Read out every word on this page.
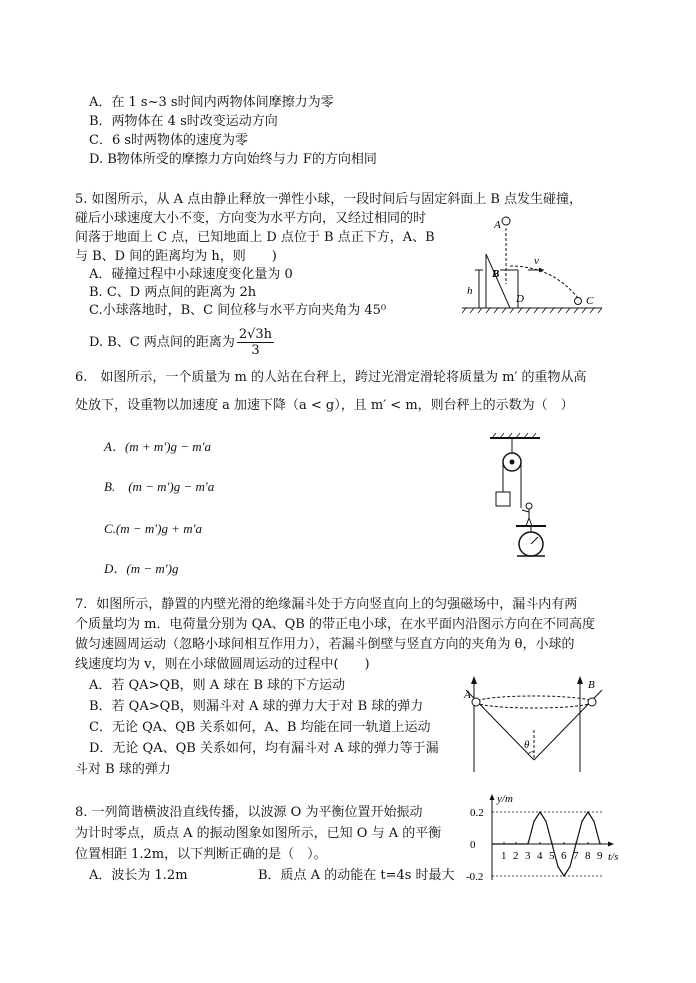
A．在 1 s~3 s时间内两物体间摩擦力为零
B．两物体在 4 s时改变运动方向
C．6 s时两物体的速度为零
D. B物体所受的摩擦力方向始终与力 F的方向相同
5. 如图所示，从 A 点由静止释放一弹性小球，一段时间后与固定斜面上 B 点发生碰撞，
碰后小球速度大小不变，方向变为水平方向，又经过相同的时
间落于地面上 C 点，已知地面上 D 点位于 B 点正下方，A、B
与 B、D 间的距离均为 h，则　　)
A．碰撞过程中小球速度变化量为 0
B. C、D 两点间的距离为 2h
C.小球落地时，B、C 间位移与水平方向夹角为 45⁰
D. B、C 两点间的距离为 $\frac{2√3h}{3}$
A
B
v
C
h
D
6.　如图所示，一个质量为 m 的人站在台秤上，跨过光滑定滑轮将质量为 m′ 的重物从高
处放下，设重物以加速度 a 加速下降（a < g），且 m′ < m，则台秤上的示数为（　）
A．(m + m′)g − m′a
B.　(m − m′)g − m′a
C.(m − m′)g + m′a
D．(m − m′)g
7．如图所示，静置的内壁光滑的绝缘漏斗处于方向竖直向上的匀强磁场中，漏斗内有两
个质量均为 m．电荷量分别为 QA、QB 的带正电小球，在水平面内沿图示方向在不同高度
做匀速圆周运动（忽略小球间相互作用力），若漏斗倒壁与竖直方向的夹角为 θ，小球的
线速度均为 v，则在小球做圆周运动的过程中(　　)
A．若 QA>QB，则 A 球在 B 球的下方运动
B．若 QA>QB，则漏斗对 A 球的弹力大于对 B 球的弹力
C．无论 QA、QB 关系如何，A、B 均能在同一轨道上运动
D．无论 QA、QB 关系如何，均有漏斗对 A 球的弹力等于漏
斗对 B 球的弹力
θ
A
B
8. 一列简谐横波沿直线传播，以波源 O 为平衡位置开始振动
为计时零点，质点 A 的振动图象如图所示，已知 O 与 A 的平衡
位置相距 1.2m，以下判断正确的是（　）。
A．波长为 1.2m	B．质点 A 的动能在 t=4s 时最大
y/m
t/s
1 2 3 4 5 6 7 8 9
0.2
0
-0.2
